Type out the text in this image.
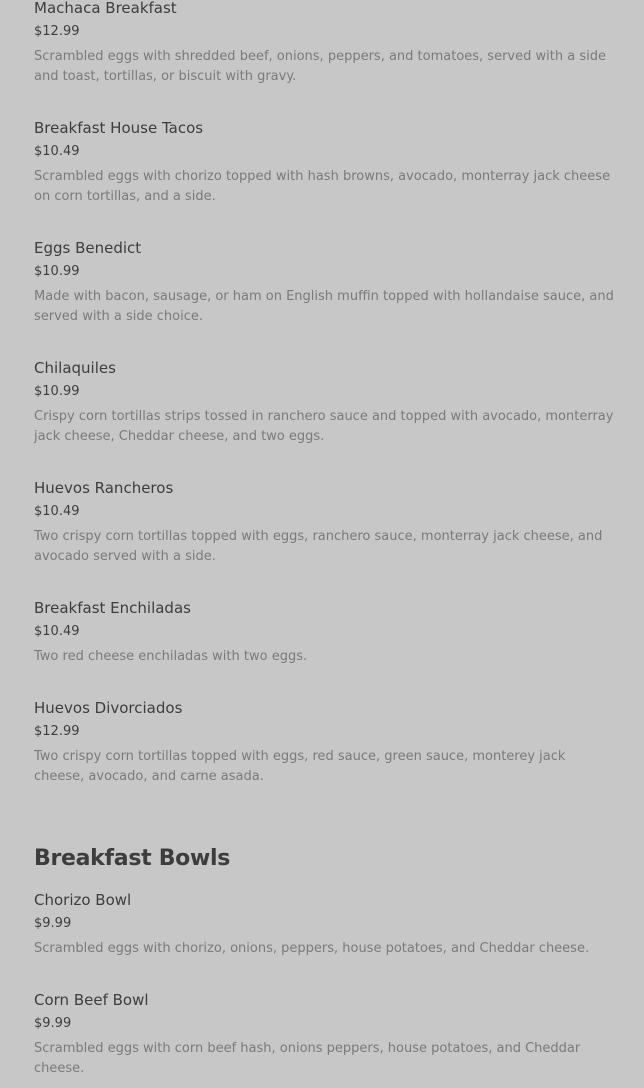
Machaca Breakfast
$12.99
Scrambled eggs with shredded beef, onions, peppers, and tomatoes, served with a side and toast, tortillas, or biscuit with gravy.
Breakfast House Tacos
$10.49
Scrambled eggs with chorizo topped with hash browns, avocado, monterray jack cheese on corn tortillas, and a side.
Eggs Benedict
$10.99
Made with bacon, sausage, or ham on English muffin topped with hollandaise sauce, and served with a side choice.
Chilaquiles
$10.99
Crispy corn tortillas strips tossed in ranchero sauce and topped with avocado, monterray jack cheese, Cheddar cheese, and two eggs.
Huevos Rancheros
$10.49
Two crispy corn tortillas topped with eggs, ranchero sauce, monterray jack cheese, and avocado served with a side.
Breakfast Enchiladas
$10.49
Two red cheese enchiladas with two eggs.
Huevos Divorciados
$12.99
Two crispy corn tortillas topped with eggs, red sauce, green sauce, monterey jack cheese, avocado, and carne asada.
Breakfast Bowls
Chorizo Bowl
$9.99
Scrambled eggs with chorizo, onions, peppers, house potatoes, and Cheddar cheese.
Corn Beef Bowl
$9.99
Scrambled eggs with corn beef hash, onions peppers, house potatoes, and Cheddar cheese.
